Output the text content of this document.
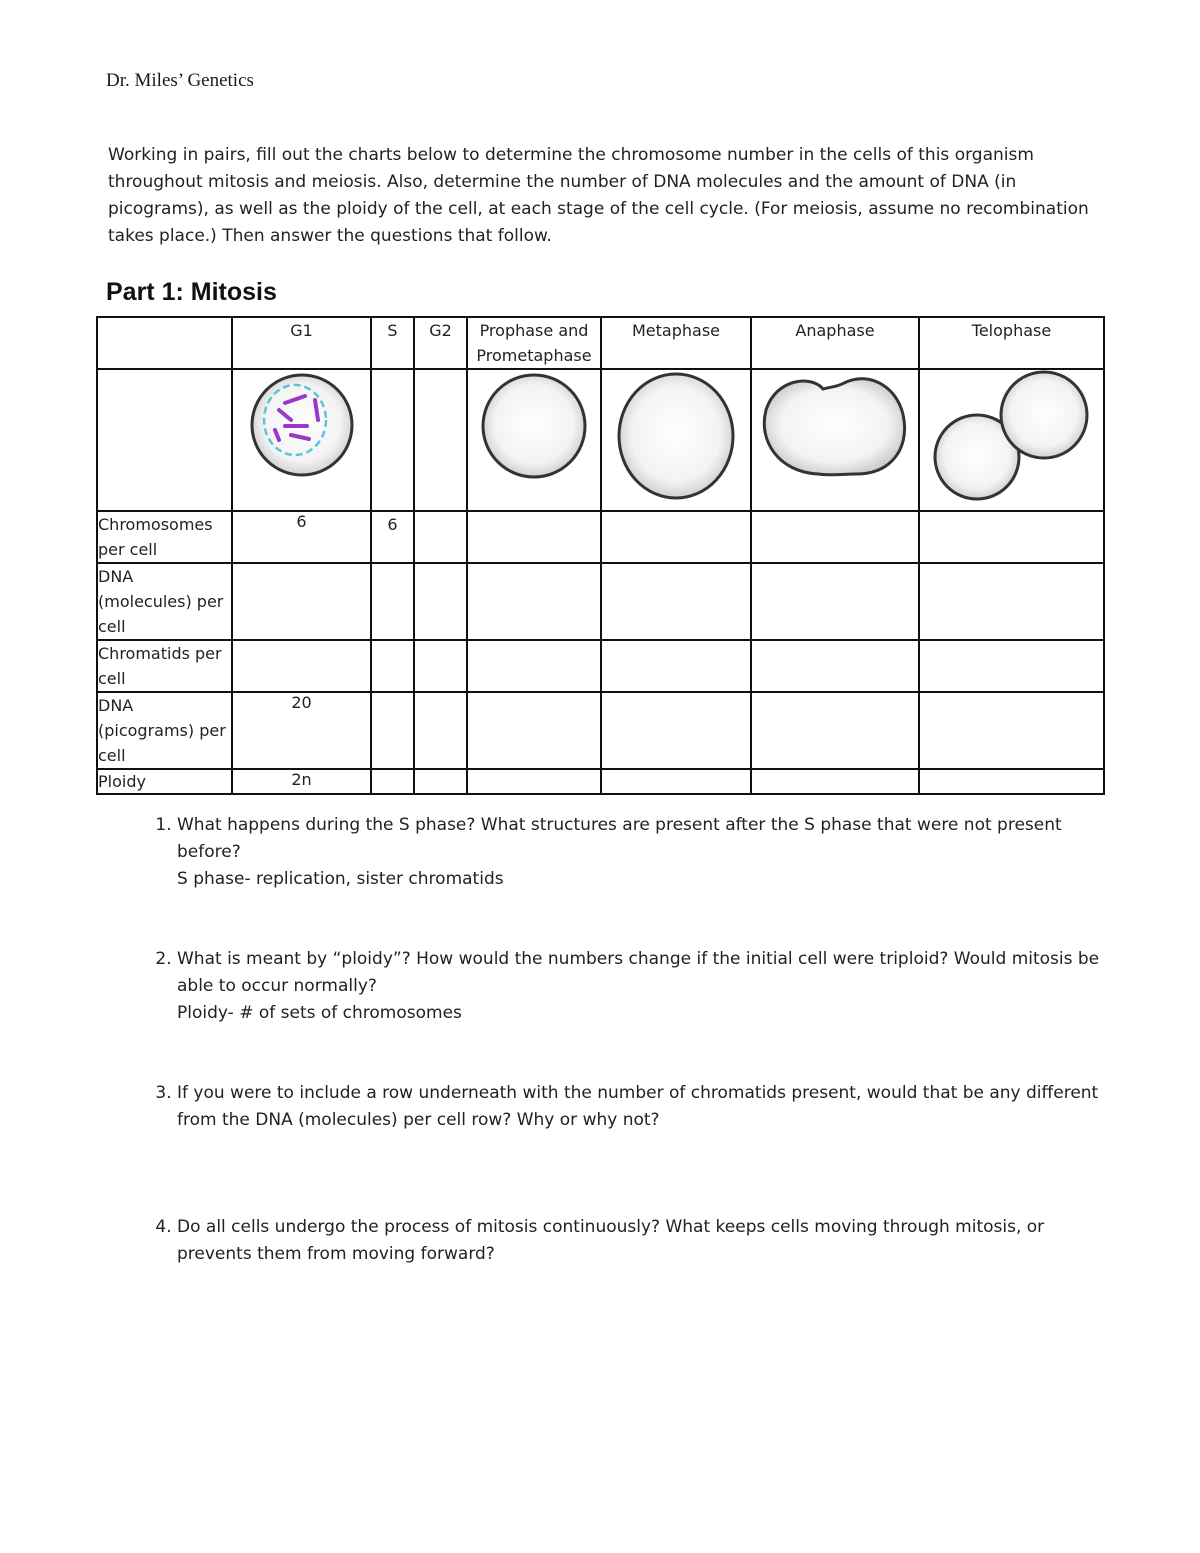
Dr. Miles’ Genetics

Working in pairs, fill out the charts below to determine the chromosome number in the cells of this organism throughout mitosis and meiosis. Also, determine the number of DNA molecules and the amount of DNA (in picograms), as well as the ploidy of the cell, at each stage of the cell cycle. (For meiosis, assume no recombination takes place.) Then answer the questions that follow.

Part 1: Mitosis
	G1	S	G2	Prophase and Prometaphase	Metaphase	Anaphase	Telophase

Chromosomes per cell	6	6					
DNA (molecules) per cell							
Chromatids per cell							
DNA (picograms) per cell	20						
Ploidy	2n						
1. What happens during the S phase? What structures are present after the S phase that were not present before?
S phase- replication, sister chromatids
2. What is meant by “ploidy”? How would the numbers change if the initial cell were triploid? Would mitosis be able to occur normally?
Ploidy- # of sets of chromosomes
3. If you were to include a row underneath with the number of chromatids present, would that be any different from the DNA (molecules) per cell row? Why or why not?
4. Do all cells undergo the process of mitosis continuously? What keeps cells moving through mitosis, or prevents them from moving forward?
